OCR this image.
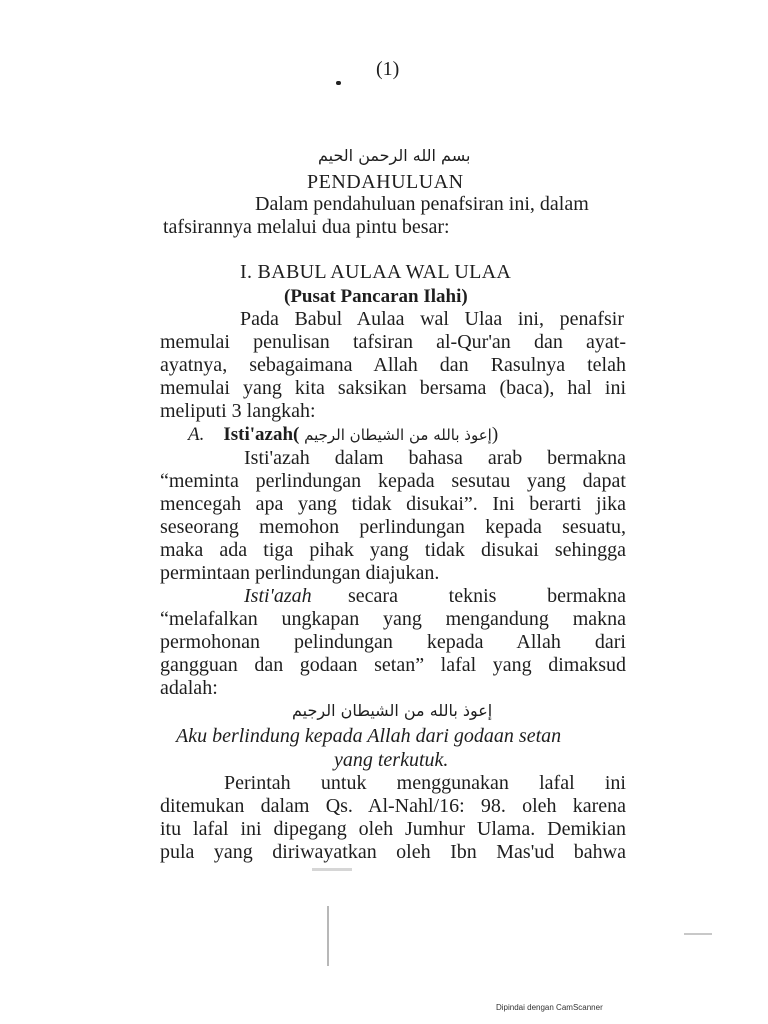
(1)
بسم الله الرحمن الحيم
PENDAHULUAN
Dalam pendahuluan penafsiran ini, dalam
tafsirannya melalui dua pintu besar:
I. BABUL AULAA WAL ULAA
(Pusat Pancaran Ilahi)
Pada Babul Aulaa wal Ulaa ini, penafsir
memulai penulisan tafsiran al-Qur'an dan ayat-
ayatnya, sebagaimana Allah dan Rasulnya telah
memulai yang kita saksikan bersama (baca), hal ini
meliputi 3 langkah:
A. Isti'azah( إعوذ بالله من الشيطان الرجيم)
Isti'azah dalam bahasa arab bermakna
“meminta perlindungan kepada sesutau yang dapat
mencegah apa yang tidak disukai”. Ini berarti jika
seseorang memohon perlindungan kepada sesuatu,
maka ada tiga pihak yang tidak disukai sehingga
permintaan perlindungan diajukan.
Isti'azah secara teknis bermakna
“melafalkan ungkapan yang mengandung makna
permohonan pelindungan kepada Allah dari
gangguan dan godaan setan” lafal yang dimaksud
adalah:
إعوذ بالله من الشيطان الرجيم
Aku berlindung kepada Allah dari godaan setan
yang terkutuk.
Perintah untuk menggunakan lafal ini
ditemukan dalam Qs. Al-Nahl/16: 98. oleh karena
itu lafal ini dipegang oleh Jumhur Ulama. Demikian
pula yang diriwayatkan oleh Ibn Mas'ud bahwa
Dipindai dengan CamScanner
